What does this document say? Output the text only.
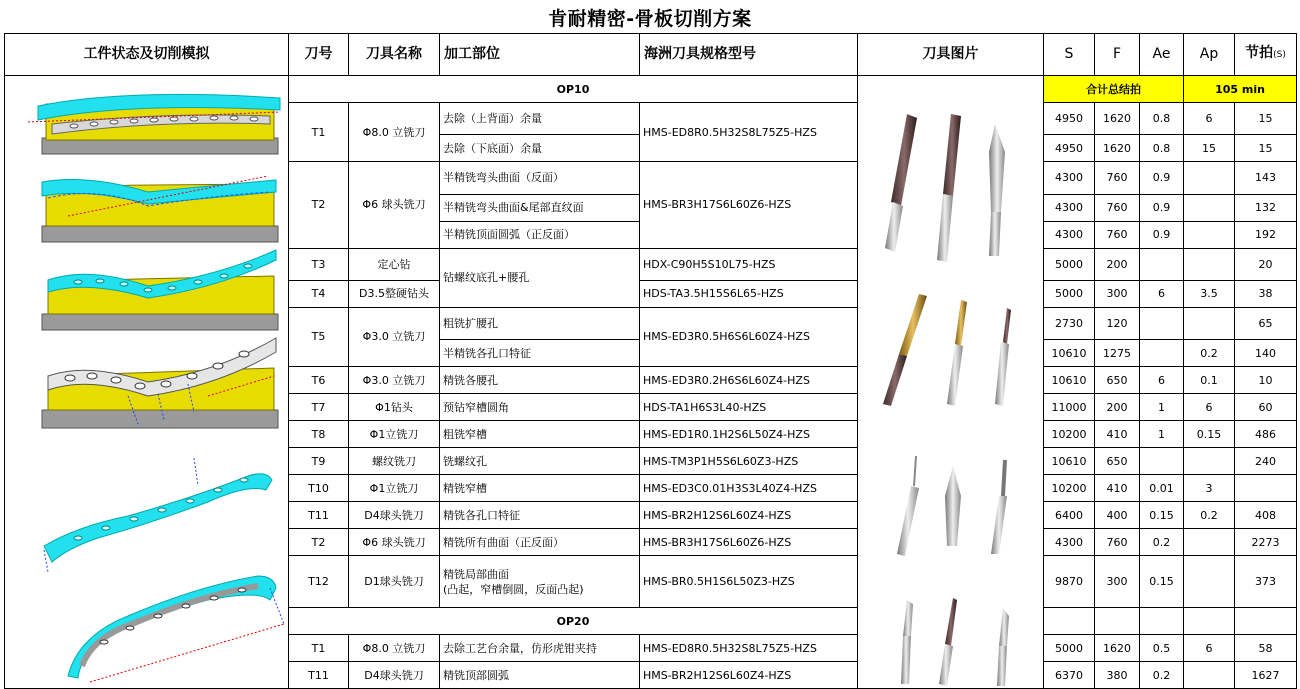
肯耐精密-骨板切削方案
工件状态及切削模拟	刀号	刀具名称	加工部位	海洲刀具规格型号	刀具图片	S	F	Ae	Ap	节拍(S)

	OP10					合计总结拍			105 min	
	T1	Φ8.0 立铣刀	去除（上背面）余量	HMS-ED8R0.5H32S8L75Z5-HZS		4950	1620	0.8	6	15
			去除（下底面）余量			4950	1620	0.8	15	15
	T2	Φ6 球头铣刀	半精铣弯头曲面（反面）	HMS-BR3H17S6L60Z6-HZS		4300	760	0.9		143
			半精铣弯头曲面&尾部直纹面			4300	760	0.9		132
			半精铣顶面圆弧（正反面）			4300	760	0.9		192
	T3	定心钻	钻螺纹底孔+腰孔	HDX-C90H5S10L75-HZS		5000	200			20
	T4	D3.5整硬钻头		HDS-TA3.5H15S6L65-HZS		5000	300	6	3.5	38
	T5	Φ3.0 立铣刀	粗铣扩腰孔	HMS-ED3R0.5H6S6L60Z4-HZS		2730	120			65
			半精铣各孔口特征			10610	1275		0.2	140
	T6	Φ3.0 立铣刀	精铣各腰孔	HMS-ED3R0.2H6S6L60Z4-HZS		10610	650	6	0.1	10
	T7	Φ1钻头	预钻窄槽圆角	HDS-TA1H6S3L40-HZS		11000	200	1	6	60
	T8	Φ1立铣刀	粗铣窄槽	HMS-ED1R0.1H2S6L50Z4-HZS		10200	410	1	0.15	486
	T9	螺纹铣刀	铣螺纹孔	HMS-TM3P1H5S6L60Z3-HZS		10610	650			240
	T10	Φ1立铣刀	精铣窄槽	HMS-ED3C0.01H3S3L40Z4-HZS		10200	410	0.01	3	
	T11	D4球头铣刀	精铣各孔口特征	HMS-BR2H12S6L60Z4-HZS		6400	400	0.15	0.2	408
	T2	Φ6 球头铣刀	精铣所有曲面（正反面）	HMS-BR3H17S6L60Z6-HZS		4300	760	0.2		2273
	T12	D1球头铣刀	精铣局部曲面
(凸起，窄槽倒圆，反面凸起)	HMS-BR0.5H1S6L50Z3-HZS		9870	300	0.15		373
	OP20									
	T1	Φ8.0 立铣刀	去除工艺台余量，仿形虎钳夹持	HMS-ED8R0.5H32S8L75Z5-HZS		5000	1620	0.5	6	58
	T11	D4球头铣刀	精铣顶部圆弧	HMS-BR2H12S6L60Z4-HZS		6370	380	0.2		1627
